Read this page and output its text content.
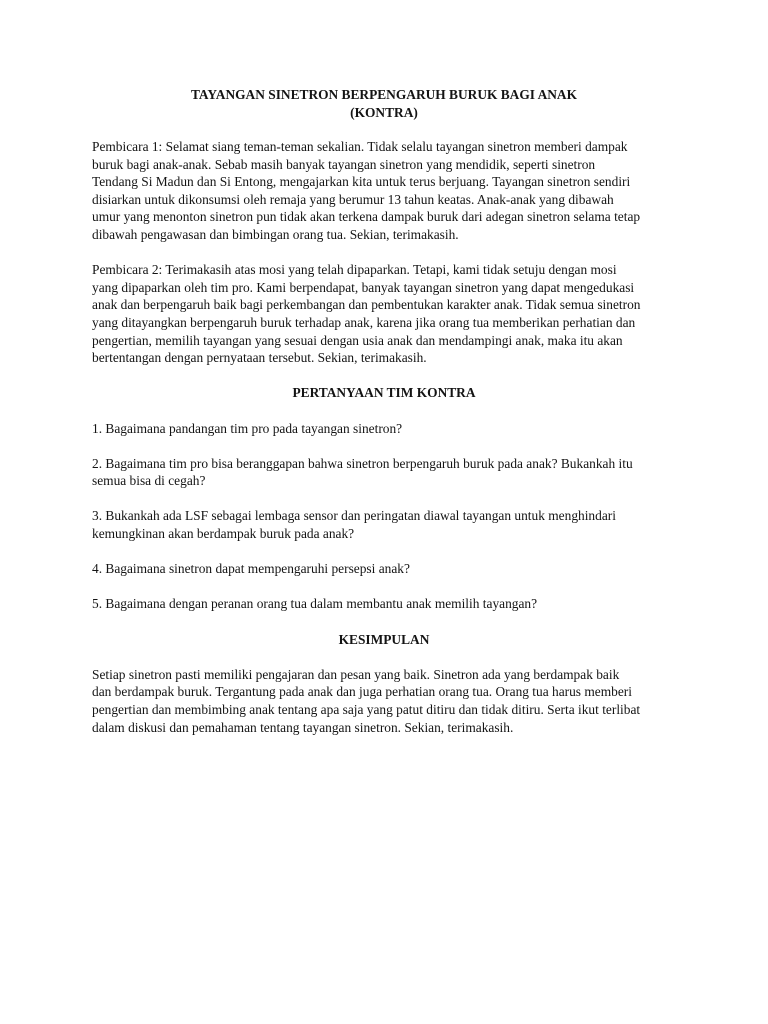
TAYANGAN SINETRON BERPENGARUH BURUK BAGI ANAK
(KONTRA)

Pembicara 1: Selamat siang teman-teman sekalian. Tidak selalu tayangan sinetron memberi dampak
buruk bagi anak-anak. Sebab masih banyak tayangan sinetron yang mendidik, seperti sinetron
Tendang Si Madun dan Si Entong, mengajarkan kita untuk terus berjuang. Tayangan sinetron sendiri
disiarkan untuk dikonsumsi oleh remaja yang berumur 13 tahun keatas. Anak-anak yang dibawah
umur yang menonton sinetron pun tidak akan terkena dampak buruk dari adegan sinetron selama tetap
dibawah pengawasan dan bimbingan orang tua. Sekian, terimakasih.

Pembicara 2: Terimakasih atas mosi yang telah dipaparkan. Tetapi, kami tidak setuju dengan mosi
yang dipaparkan oleh tim pro. Kami berpendapat, banyak tayangan sinetron yang dapat mengedukasi
anak dan berpengaruh baik bagi perkembangan dan pembentukan karakter anak. Tidak semua sinetron
yang ditayangkan berpengaruh buruk terhadap anak, karena jika orang tua memberikan perhatian dan
pengertian, memilih tayangan yang sesuai dengan usia anak dan mendampingi anak, maka itu akan
bertentangan dengan pernyataan tersebut. Sekian, terimakasih.

PERTANYAAN TIM KONTRA

1. Bagaimana pandangan tim pro pada tayangan sinetron?

2. Bagaimana tim pro bisa beranggapan bahwa sinetron berpengaruh buruk pada anak? Bukankah itu
semua bisa di cegah?

3. Bukankah ada LSF sebagai lembaga sensor dan peringatan diawal tayangan untuk menghindari
kemungkinan akan berdampak buruk pada anak?

4. Bagaimana sinetron dapat mempengaruhi persepsi anak?

5. Bagaimana dengan peranan orang tua dalam membantu anak memilih tayangan?

KESIMPULAN

Setiap sinetron pasti memiliki pengajaran dan pesan yang baik. Sinetron ada yang berdampak baik
dan berdampak buruk. Tergantung pada anak dan juga perhatian orang tua. Orang tua harus memberi
pengertian dan membimbing anak tentang apa saja yang patut ditiru dan tidak ditiru. Serta ikut terlibat
dalam diskusi dan pemahaman tentang tayangan sinetron. Sekian, terimakasih.
